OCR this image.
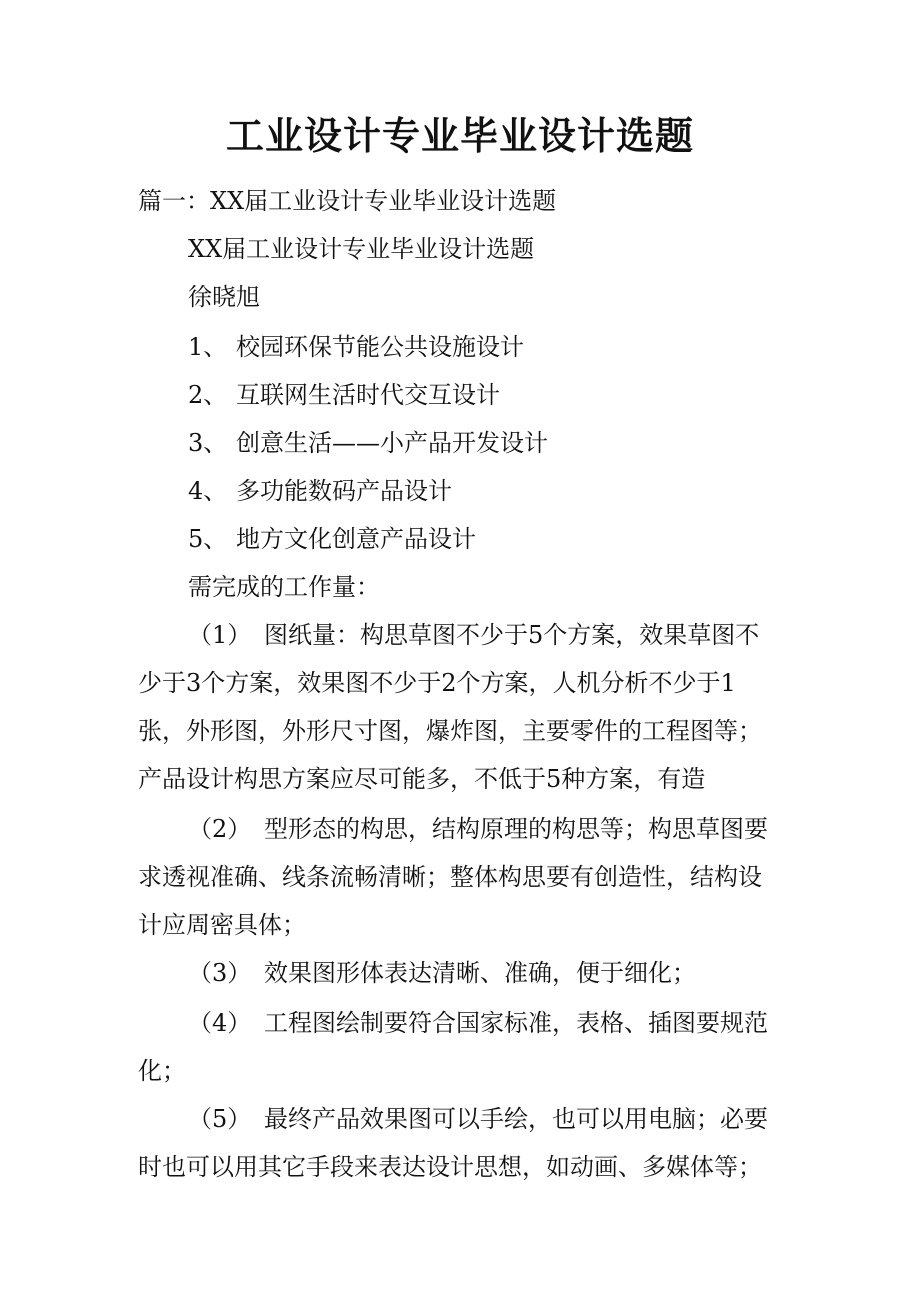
工业设计专业毕业设计选题
篇一：XX届工业设计专业毕业设计选题
XX届工业设计专业毕业设计选题
徐晓旭
1、 校园环保节能公共设施设计
2、 互联网生活时代交互设计
3、 创意生活——小产品开发设计
4、 多功能数码产品设计
5、 地方文化创意产品设计
需完成的工作量：
（1） 图纸量：构思草图不少于5个方案，效果草图不
少于3个方案，效果图不少于2个方案，人机分析不少于1
张，外形图，外形尺寸图，爆炸图，主要零件的工程图等；
产品设计构思方案应尽可能多，不低于5种方案，有造
（2） 型形态的构思，结构原理的构思等；构思草图要
求透视准确、线条流畅清晰；整体构思要有创造性，结构设
计应周密具体；
（3） 效果图形体表达清晰、准确，便于细化；
（4） 工程图绘制要符合国家标准，表格、插图要规范
化；
（5） 最终产品效果图可以手绘，也可以用电脑；必要
时也可以用其它手段来表达设计思想，如动画、多媒体等；
